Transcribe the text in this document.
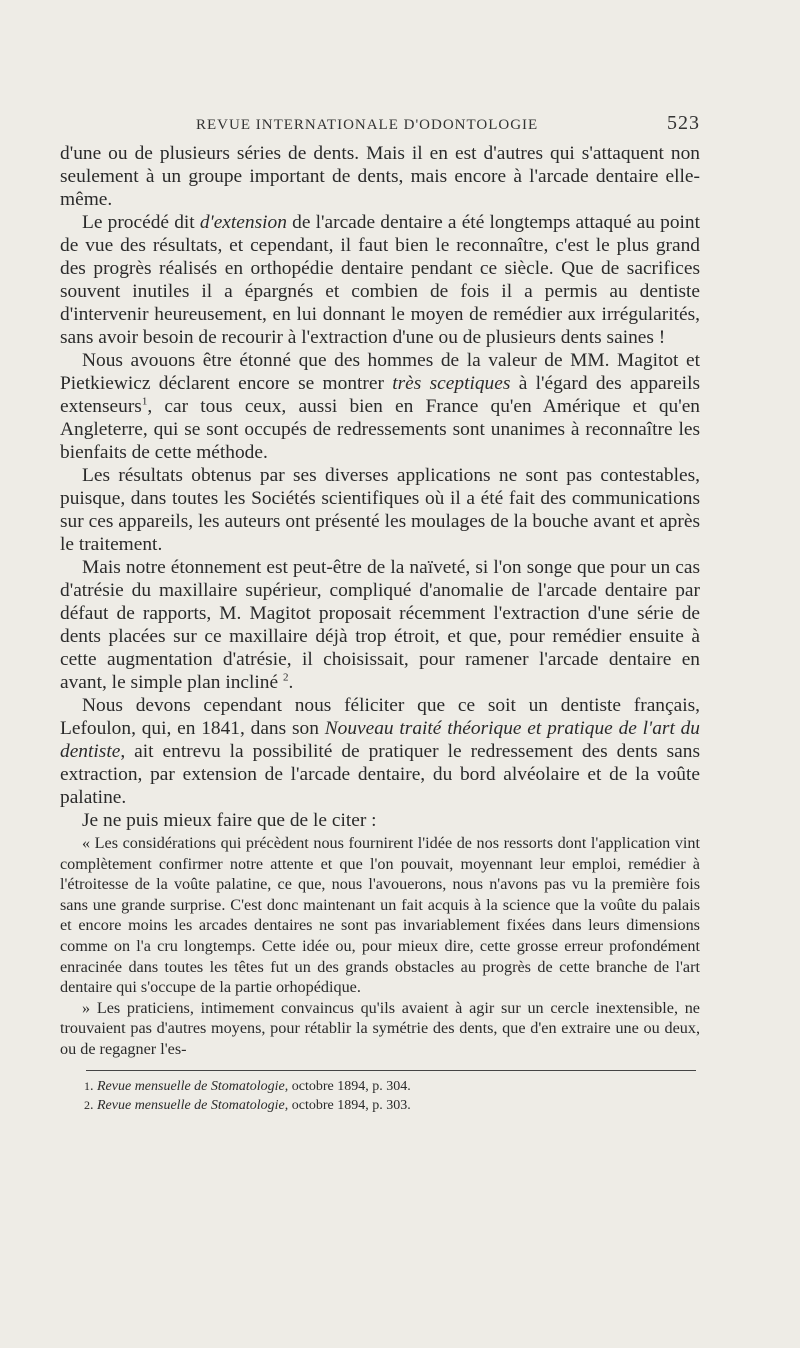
REVUE INTERNATIONALE D'ODONTOLOGIE	523

d'une ou de plusieurs séries de dents. Mais il en est d'autres qui s'attaquent non seulement à un groupe important de dents, mais encore à l'arcade dentaire elle-même.

Le procédé dit d'extension de l'arcade dentaire a été longtemps attaqué au point de vue des résultats, et cependant, il faut bien le reconnaître, c'est le plus grand des progrès réalisés en orthopédie dentaire pendant ce siècle. Que de sacrifices souvent inutiles il a épargnés et combien de fois il a permis au dentiste d'intervenir heureusement, en lui donnant le moyen de remédier aux irrégularités, sans avoir besoin de recourir à l'extraction d'une ou de plusieurs dents saines !

Nous avouons être étonné que des hommes de la valeur de MM. Magitot et Pietkiewicz déclarent encore se montrer très sceptiques à l'égard des appareils extenseurs$^1$, car tous ceux, aussi bien en France qu'en Amérique et qu'en Angleterre, qui se sont occupés de redressements sont unanimes à reconnaître les bienfaits de cette méthode.

Les résultats obtenus par ses diverses applications ne sont pas contestables, puisque, dans toutes les Sociétés scientifiques où il a été fait des communications sur ces appareils, les auteurs ont présenté les moulages de la bouche avant et après le traitement.

Mais notre étonnement est peut-être de la naïveté, si l'on songe que pour un cas d'atrésie du maxillaire supérieur, compliqué d'anomalie de l'arcade dentaire par défaut de rapports, M. Magitot proposait récemment l'extraction d'une série de dents placées sur ce maxillaire déjà trop étroit, et que, pour remédier ensuite à cette augmentation d'atrésie, il choisissait, pour ramener l'arcade dentaire en avant, le simple plan incliné $^2$.

Nous devons cependant nous féliciter que ce soit un dentiste français, Lefoulon, qui, en 1841, dans son Nouveau traité théorique et pratique de l'art du dentiste, ait entrevu la possibilité de pratiquer le redressement des dents sans extraction, par extension de l'arcade dentaire, du bord alvéolaire et de la voûte palatine.

Je ne puis mieux faire que de le citer :

« Les considérations qui précèdent nous fournirent l'idée de nos ressorts dont l'application vint complètement confirmer notre attente et que l'on pouvait, moyennant leur emploi, remédier à l'étroitesse de la voûte palatine, ce que, nous l'avouerons, nous n'avons pas vu la première fois sans une grande surprise. C'est donc maintenant un fait acquis à la science que la voûte du palais et encore moins les arcades dentaires ne sont pas invariablement fixées dans leurs dimensions comme on l'a cru longtemps. Cette idée ou, pour mieux dire, cette grosse erreur profondément enracinée dans toutes les têtes fut un des grands obstacles au progrès de cette branche de l'art dentaire qui s'occupe de la partie orhopédique.

» Les praticiens, intimement convaincus qu'ils avaient à agir sur un cercle inextensible, ne trouvaient pas d'autres moyens, pour rétablir la symétrie des dents, que d'en extraire une ou deux, ou de regagner l'es-

1. Revue mensuelle de Stomatologie, octobre 1894, p. 304.
2. Revue mensuelle de Stomatologie, octobre 1894, p. 303.
